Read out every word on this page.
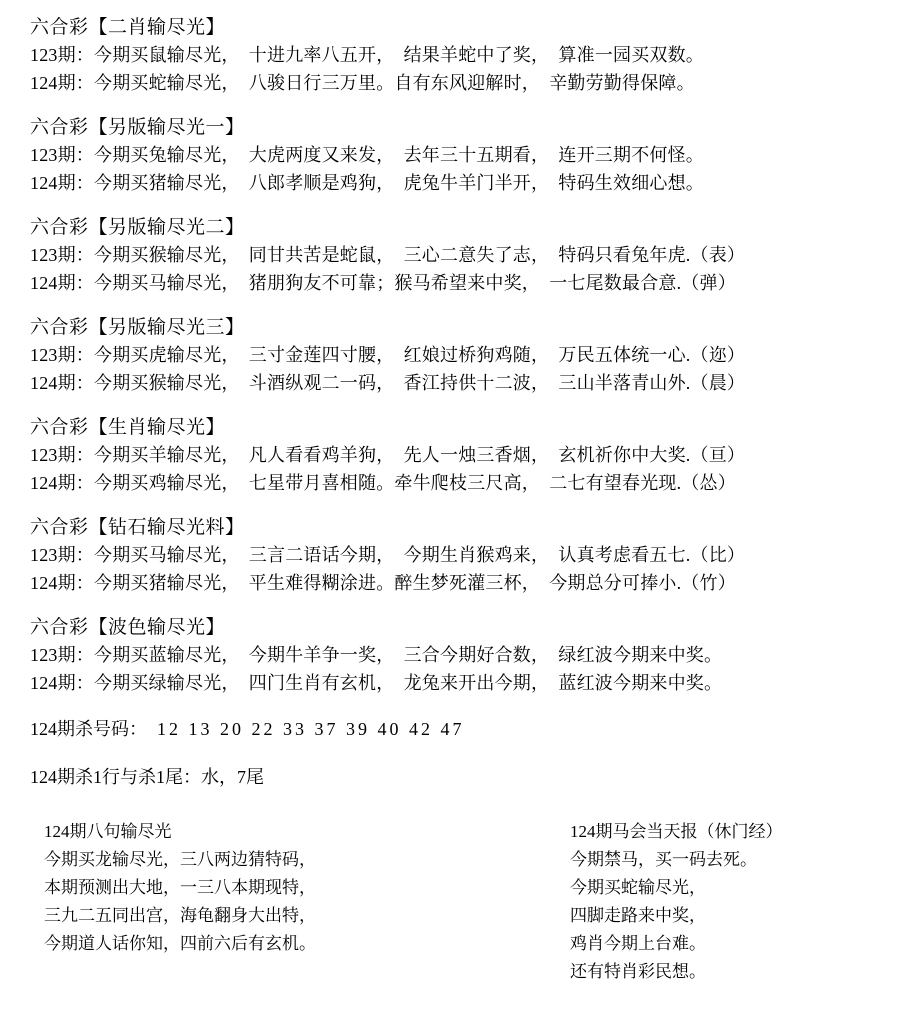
六合彩【二肖输尽光】
123期：今期买鼠输尽光，　十进九率八五开，　结果羊蛇中了奖，　算准一园买双数。
124期：今期买蛇输尽光，　八骏日行三万里。自有东风迎解时，　辛勤劳勤得保障。
六合彩【另版输尽光一】
123期：今期买兔输尽光，　大虎两度又来发，　去年三十五期看，　连开三期不何怪。
124期：今期买猪输尽光，　八郎孝顺是鸡狗，　虎兔牛羊门半开，　特码生效细心想。
六合彩【另版输尽光二】
123期：今期买猴输尽光，　同甘共苦是蛇鼠，　三心二意失了志，　特码只看兔年虎.（表）
124期：今期买马输尽光，　猪朋狗友不可靠；猴马希望来中奖，　一七尾数最合意.（弹）
六合彩【另版输尽光三】
123期：今期买虎输尽光，　三寸金莲四寸腰，　红娘过桥狗鸡随，　万民五体统一心.（迩）
124期：今期买猴输尽光，　斗酒纵观二一码，　香江持供十二波，　三山半落青山外.（晨）
六合彩【生肖输尽光】
123期：今期买羊输尽光，　凡人看看鸡羊狗，　先人一烛三香烟，　玄机祈你中大奖.（亘）
124期：今期买鸡输尽光，　七星带月喜相随。牵牛爬枝三尺高，　二七有望春光现.（怂）
六合彩【钻石输尽光料】
123期：今期买马输尽光，　三言二语话今期，　今期生肖猴鸡来，　认真考虑看五七.（比）
124期：今期买猪输尽光，　平生难得糊涂进。醉生梦死灌三杯，　今期总分可捧小.（竹）
六合彩【波色输尽光】
123期：今期买蓝输尽光，　今期牛羊争一奖，　三合今期好合数，　绿红波今期来中奖。
124期：今期买绿输尽光，　四门生肖有玄机，　龙兔来开出今期，　蓝红波今期来中奖。
124期杀号码： 12 13 20 22 33 37 39 40 42 47
124期杀1行与杀1尾：水，7尾
124期八句输尽光
今期买龙输尽光，三八两边猜特码，
本期预测出大地，一三八本期现特，
三九二五同出宫，海龟翻身大出特，
今期道人话你知，四前六后有玄机。
124期马会当天报（休门经）
今期禁马，买一码去死。
今期买蛇输尽光，
四脚走路来中奖，
鸡肖今期上台难。
还有特肖彩民想。
